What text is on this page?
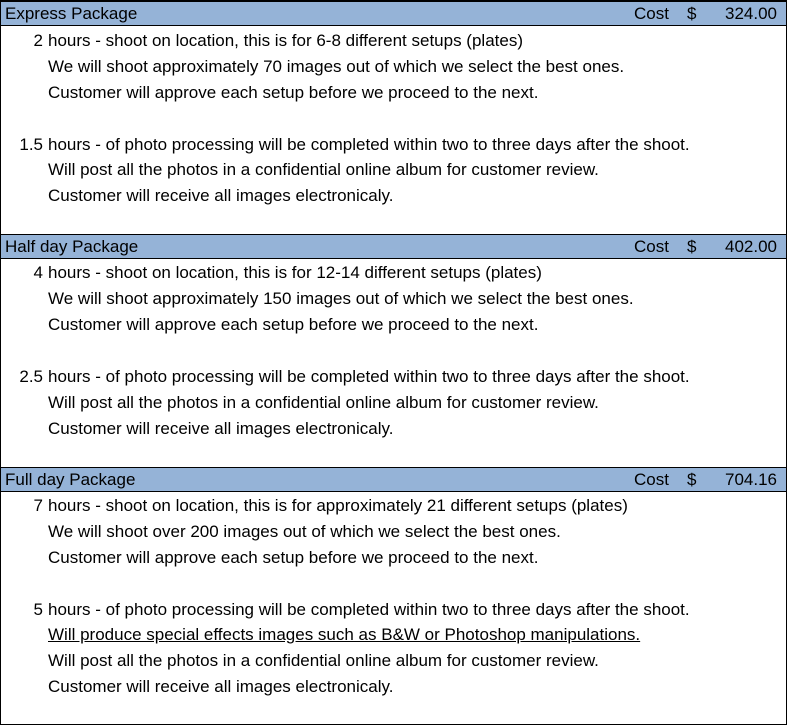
Express Package	Cost $ 324.00
2 hours - shoot on location, this is for 6-8 different setups (plates)
We will shoot approximately 70 images out of which we select the best ones.
Customer will approve each setup before we proceed to the next.
1.5 hours - of photo processing will be completed within two to three days after the shoot.
Will post all the photos in a confidential online album for customer review.
Customer will receive all images electronicaly.
Half day Package	Cost $ 402.00
4 hours - shoot on location, this is for 12-14 different setups (plates)
We will shoot approximately 150 images out of which we select the best ones.
Customer will approve each setup before we proceed to the next.
2.5 hours - of photo processing will be completed within two to three days after the shoot.
Will post all the photos in a confidential online album for customer review.
Customer will receive all images electronicaly.
Full day Package	Cost $ 704.16
7 hours - shoot on location, this is for approximately 21 different setups (plates)
We will shoot over 200 images out of which we select the best ones.
Customer will approve each setup before we proceed to the next.
5 hours - of photo processing will be completed within two to three days after the shoot.
Will produce special effects images such as B&W or Photoshop manipulations.
Will post all the photos in a confidential online album for customer review.
Customer will receive all images electronicaly.
